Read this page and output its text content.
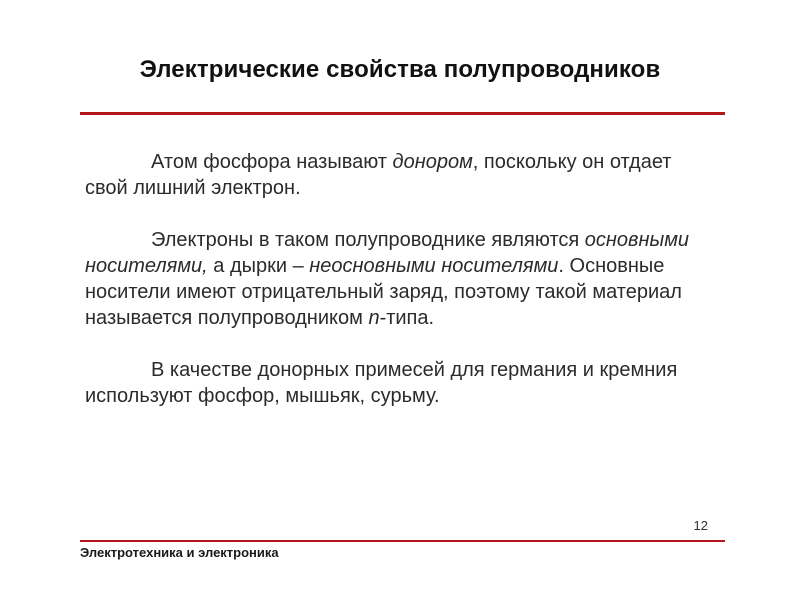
Электрические свойства полупроводников

Атом фосфора называют донором, поскольку он отдает свой лишний электрон.

Электроны в таком полупроводнике являются основными носителями, а дырки – неосновными носителями. Основные носители имеют отрицательный заряд, поэтому такой материал называется полупроводником n-типа.

В качестве донорных примесей для германия и кремния используют фосфор, мышьяк, сурьму.

12
Электротехника и электроника
